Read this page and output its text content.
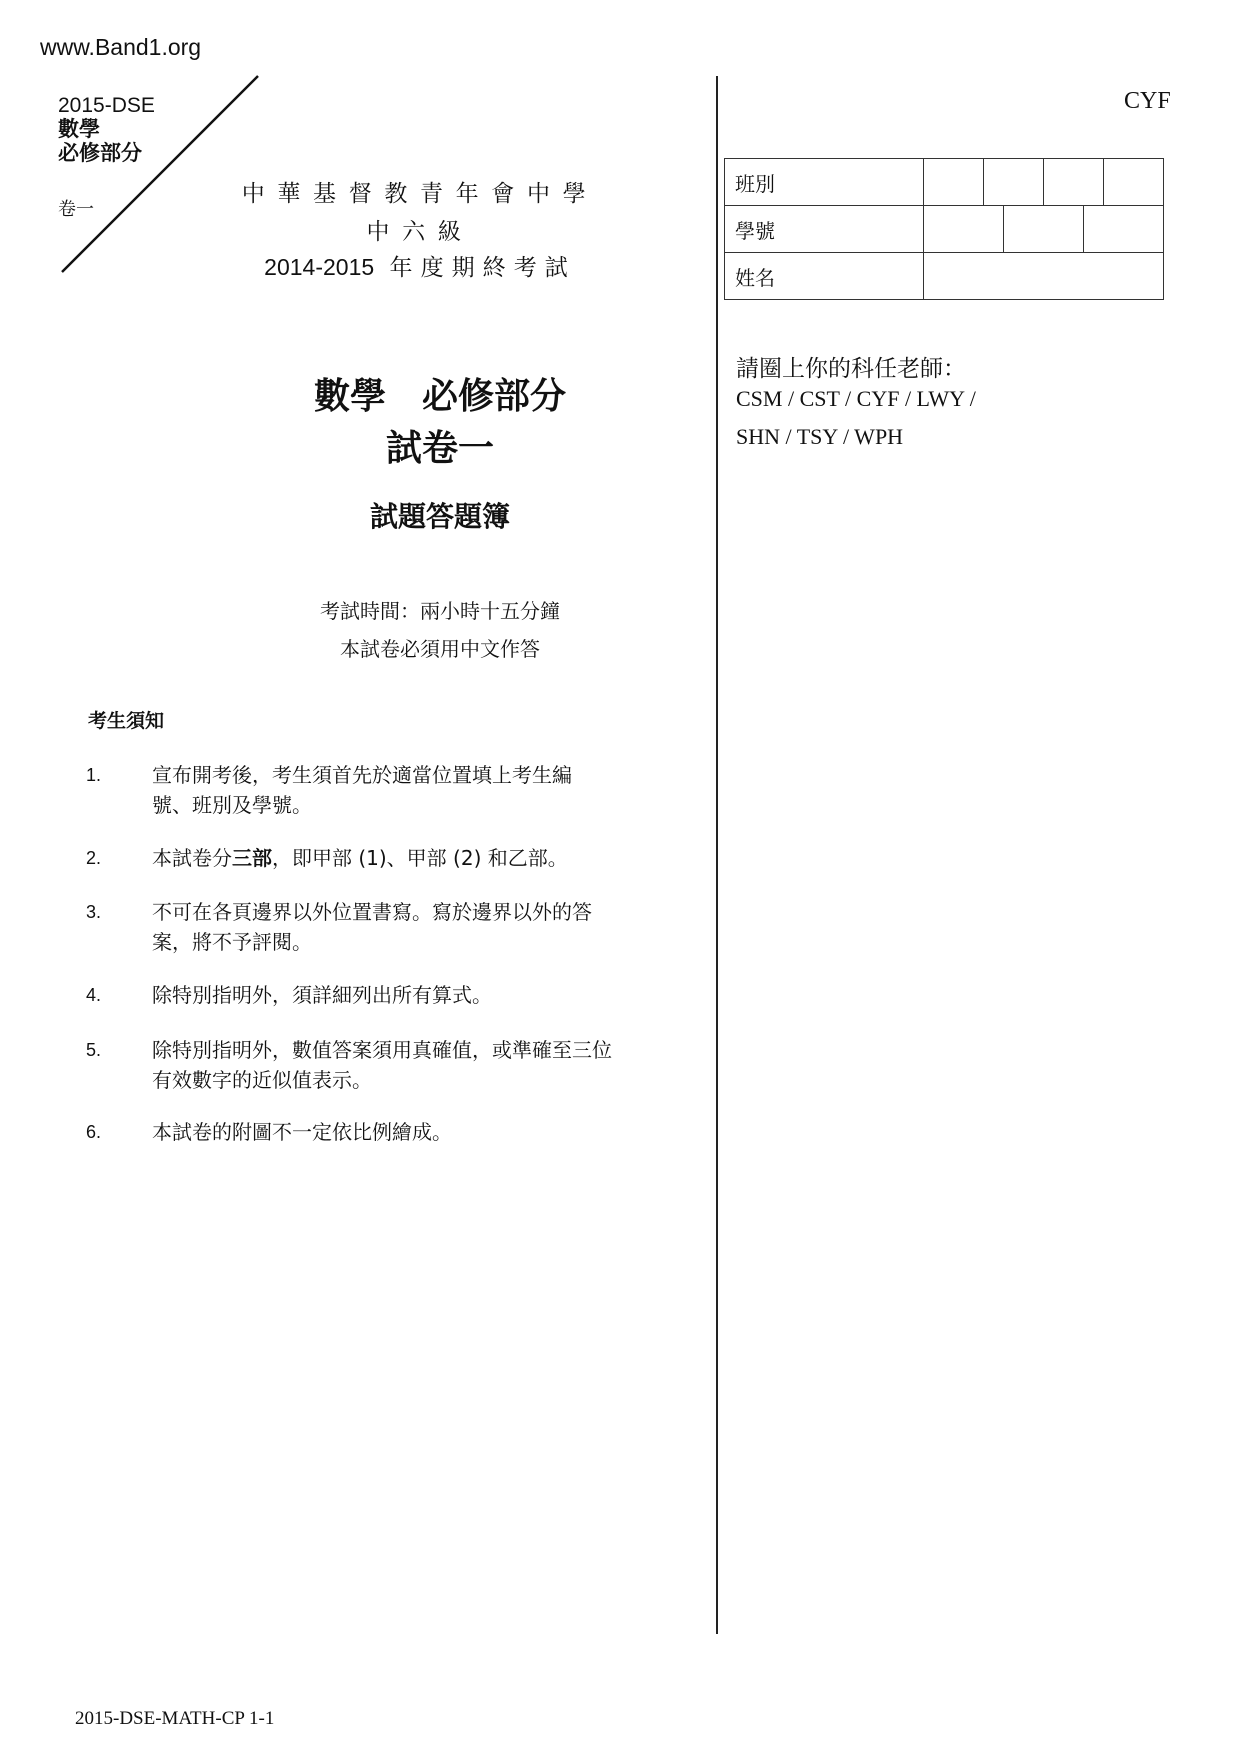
www.Band1.org
2015-DSE
數學
必修部分
卷一
中華基督教青年會中學
中六級
2014-2015 年度期終考試
數學　必修部分
試卷一
試題答題簿
考試時間：兩小時十五分鐘
本試卷必須用中文作答
考生須知
1.	宣布開考後，考生須首先於適當位置填上考生編號、班別及學號。
2.	本試卷分三部，即甲部 (1)、甲部 (2) 和乙部。
3.	不可在各頁邊界以外位置書寫。寫於邊界以外的答案，將不予評閱。
4.	除特別指明外，須詳細列出所有算式。
5.	除特別指明外，數值答案須用真確值，或準確至三位有效數字的近似值表示。
6.	本試卷的附圖不一定依比例繪成。
CYF
班別				
學號				

姓名				
請圈上你的科任老師：
CSM / CST / CYF / LWY /
SHN / TSY / WPH
2015-DSE-MATH-CP 1-1
